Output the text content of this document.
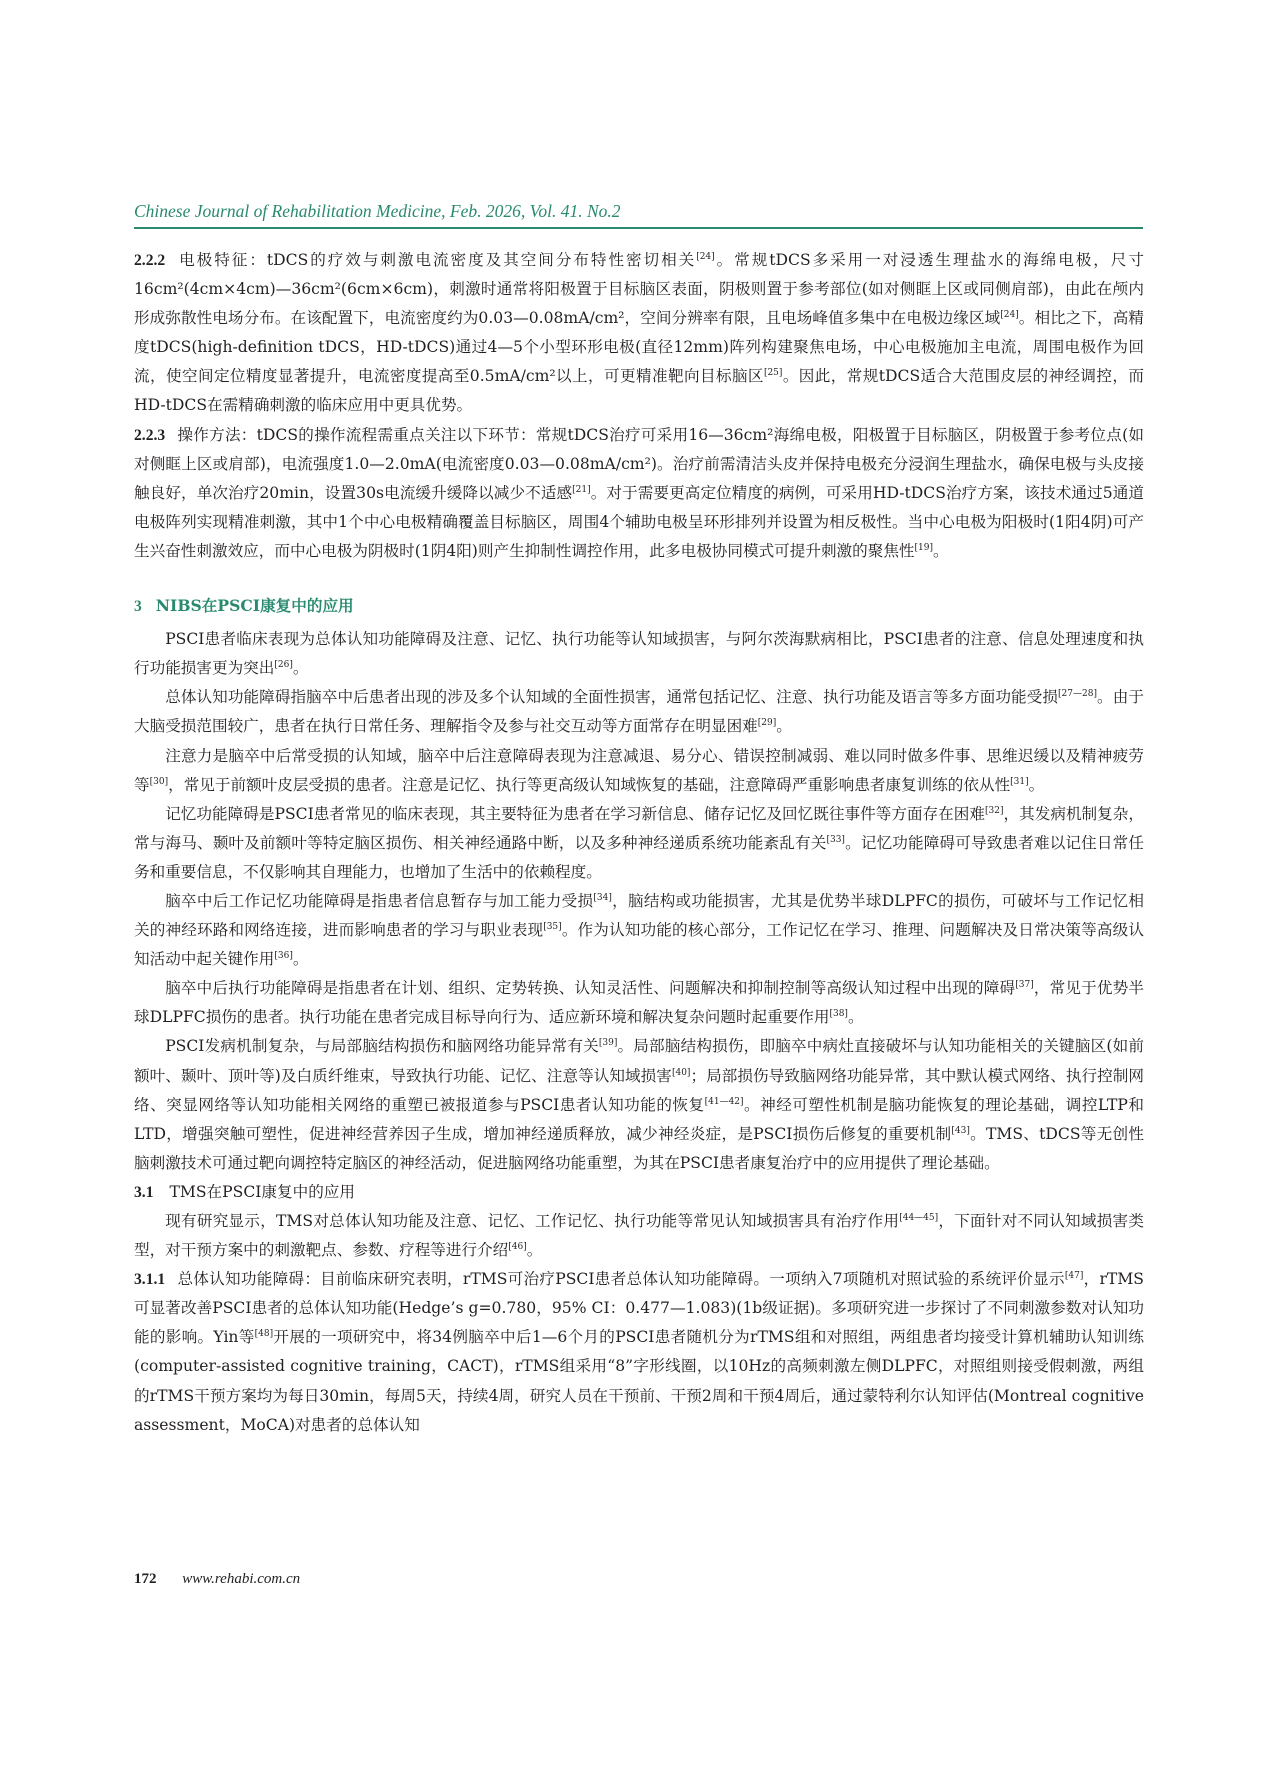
Chinese Journal of Rehabilitation Medicine, Feb. 2026, Vol. 41. No.2

2.2.2 电极特征：tDCS的疗效与刺激电流密度及其空间分布特性密切相关[24]。常规tDCS多采用一对浸透生理盐水的海绵电极，尺寸16cm²(4cm×4cm)—36cm²(6cm×6cm)，刺激时通常将阳极置于目标脑区表面，阴极则置于参考部位(如对侧眶上区或同侧肩部)，由此在颅内形成弥散性电场分布。在该配置下，电流密度约为0.03—0.08mA/cm²，空间分辨率有限，且电场峰值多集中在电极边缘区域[24]。相比之下，高精度tDCS(high-definition tDCS，HD-tDCS)通过4—5个小型环形电极(直径12mm)阵列构建聚焦电场，中心电极施加主电流，周围电极作为回流，使空间定位精度显著提升，电流密度提高至0.5mA/cm²以上，可更精准靶向目标脑区[25]。因此，常规tDCS适合大范围皮层的神经调控，而HD-tDCS在需精确刺激的临床应用中更具优势。

2.2.3 操作方法：tDCS的操作流程需重点关注以下环节：常规tDCS治疗可采用16—36cm²海绵电极，阳极置于目标脑区，阴极置于参考位点(如对侧眶上区或肩部)，电流强度1.0—2.0mA(电流密度0.03—0.08mA/cm²)。治疗前需清洁头皮并保持电极充分浸润生理盐水，确保电极与头皮接触良好，单次治疗20min，设置30s电流缓升缓降以减少不适感[21]。对于需要更高定位精度的病例，可采用HD-tDCS治疗方案，该技术通过5通道电极阵列实现精准刺激，其中1个中心电极精确覆盖目标脑区，周围4个辅助电极呈环形排列并设置为相反极性。当中心电极为阳极时(1阳4阴)可产生兴奋性刺激效应，而中心电极为阴极时(1阴4阳)则产生抑制性调控作用，此多电极协同模式可提升刺激的聚焦性[19]。

3 NIBS在PSCI康复中的应用

PSCI患者临床表现为总体认知功能障碍及注意、记忆、执行功能等认知域损害，与阿尔茨海默病相比，PSCI患者的注意、信息处理速度和执行功能损害更为突出[26]。

总体认知功能障碍指脑卒中后患者出现的涉及多个认知域的全面性损害，通常包括记忆、注意、执行功能及语言等多方面功能受损[27—28]。由于大脑受损范围较广，患者在执行日常任务、理解指令及参与社交互动等方面常存在明显困难[29]。

注意力是脑卒中后常受损的认知域，脑卒中后注意障碍表现为注意减退、易分心、错误控制减弱、难以同时做多件事、思维迟缓以及精神疲劳等[30]，常见于前额叶皮层受损的患者。注意是记忆、执行等更高级认知域恢复的基础，注意障碍严重影响患者康复训练的依从性[31]。

记忆功能障碍是PSCI患者常见的临床表现，其主要特征为患者在学习新信息、储存记忆及回忆既往事件等方面存在困难[32]，其发病机制复杂，常与海马、颞叶及前额叶等特定脑区损伤、相关神经通路中断，以及多种神经递质系统功能紊乱有关[33]。记忆功能障碍可导致患者难以记住日常任务和重要信息，不仅影响其自理能力，也增加了生活中的依赖程度。

脑卒中后工作记忆功能障碍是指患者信息暂存与加工能力受损[34]，脑结构或功能损害，尤其是优势半球DLPFC的损伤，可破坏与工作记忆相关的神经环路和网络连接，进而影响患者的学习与职业表现[35]。作为认知功能的核心部分，工作记忆在学习、推理、问题解决及日常决策等高级认知活动中起关键作用[36]。

脑卒中后执行功能障碍是指患者在计划、组织、定势转换、认知灵活性、问题解决和抑制控制等高级认知过程中出现的障碍[37]，常见于优势半球DLPFC损伤的患者。执行功能在患者完成目标导向行为、适应新环境和解决复杂问题时起重要作用[38]。

PSCI发病机制复杂，与局部脑结构损伤和脑网络功能异常有关[39]。局部脑结构损伤，即脑卒中病灶直接破坏与认知功能相关的关键脑区(如前额叶、颞叶、顶叶等)及白质纤维束，导致执行功能、记忆、注意等认知域损害[40]；局部损伤导致脑网络功能异常，其中默认模式网络、执行控制网络、突显网络等认知功能相关网络的重塑已被报道参与PSCI患者认知功能的恢复[41—42]。神经可塑性机制是脑功能恢复的理论基础，调控LTP和LTD，增强突触可塑性，促进神经营养因子生成，增加神经递质释放，减少神经炎症，是PSCI损伤后修复的重要机制[43]。TMS、tDCS等无创性脑刺激技术可通过靶向调控特定脑区的神经活动，促进脑网络功能重塑，为其在PSCI患者康复治疗中的应用提供了理论基础。

3.1 TMS在PSCI康复中的应用

现有研究显示，TMS对总体认知功能及注意、记忆、工作记忆、执行功能等常见认知域损害具有治疗作用[44—45]，下面针对不同认知域损害类型，对干预方案中的刺激靶点、参数、疗程等进行介绍[46]。

3.1.1 总体认知功能障碍：目前临床研究表明，rTMS可治疗PSCI患者总体认知功能障碍。一项纳入7项随机对照试验的系统评价显示[47]，rTMS可显著改善PSCI患者的总体认知功能(Hedge’s g=0.780，95% CI：0.477—1.083)(1b级证据)。多项研究进一步探讨了不同刺激参数对认知功能的影响。Yin等[48]开展的一项研究中，将34例脑卒中后1—6个月的PSCI患者随机分为rTMS组和对照组，两组患者均接受计算机辅助认知训练(computer-assisted cognitive training，CACT)，rTMS组采用“8”字形线圈，以10Hz的高频刺激左侧DLPFC，对照组则接受假刺激，两组的rTMS干预方案均为每日30min，每周5天，持续4周，研究人员在干预前、干预2周和干预4周后，通过蒙特利尔认知评估(Montreal cognitive assessment，MoCA)对患者的总体认知

172 www.rehabi.com.cn
